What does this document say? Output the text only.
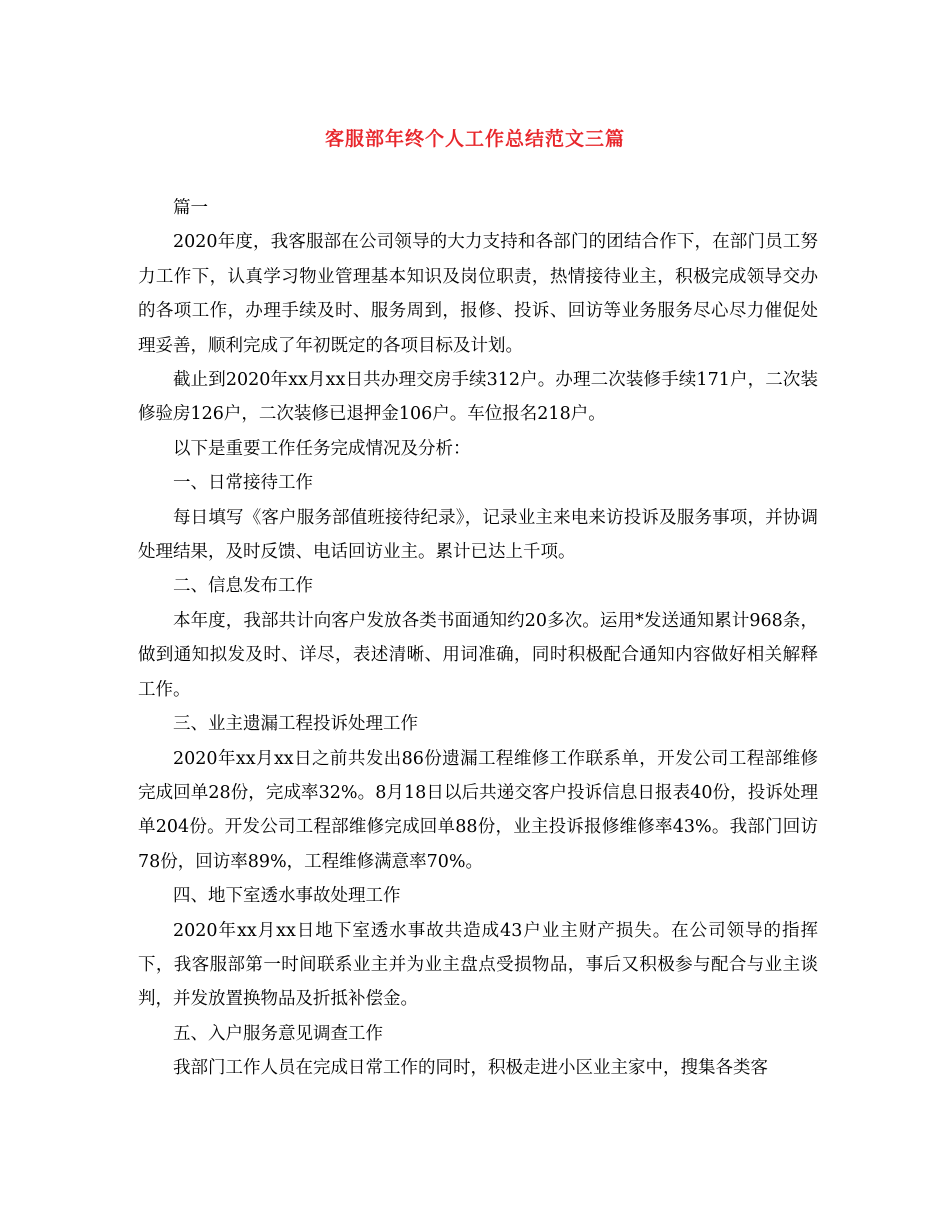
客服部年终个人工作总结范文三篇

篇一

2020年度，我客服部在公司领导的大力支持和各部门的团结合作下，在部门员工努力工作下，认真学习物业管理基本知识及岗位职责，热情接待业主，积极完成领导交办的各项工作，办理手续及时、服务周到，报修、投诉、回访等业务服务尽心尽力催促处理妥善，顺利完成了年初既定的各项目标及计划。

截止到2020年xx月xx日共办理交房手续312户。办理二次装修手续171户，二次装修验房126户，二次装修已退押金106户。车位报名218户。

以下是重要工作任务完成情况及分析：

一、日常接待工作

每日填写《客户服务部值班接待纪录》，记录业主来电来访投诉及服务事项，并协调处理结果，及时反馈、电话回访业主。累计已达上千项。

二、信息发布工作

本年度，我部共计向客户发放各类书面通知约20多次。运用*发送通知累计968条，做到通知拟发及时、详尽，表述清晰、用词准确，同时积极配合通知内容做好相关解释工作。

三、业主遗漏工程投诉处理工作

2020年xx月xx日之前共发出86份遗漏工程维修工作联系单，开发公司工程部维修完成回单28份，完成率32%。8月18日以后共递交客户投诉信息日报表40份，投诉处理单204份。开发公司工程部维修完成回单88份，业主投诉报修维修率43%。我部门回访78份，回访率89%，工程维修满意率70%。

四、地下室透水事故处理工作

2020年xx月xx日地下室透水事故共造成43户业主财产损失。在公司领导的指挥下，我客服部第一时间联系业主并为业主盘点受损物品，事后又积极参与配合与业主谈判，并发放置换物品及折抵补偿金。

五、入户服务意见调查工作

我部门工作人员在完成日常工作的同时，积极走进小区业主家中，搜集各类客
